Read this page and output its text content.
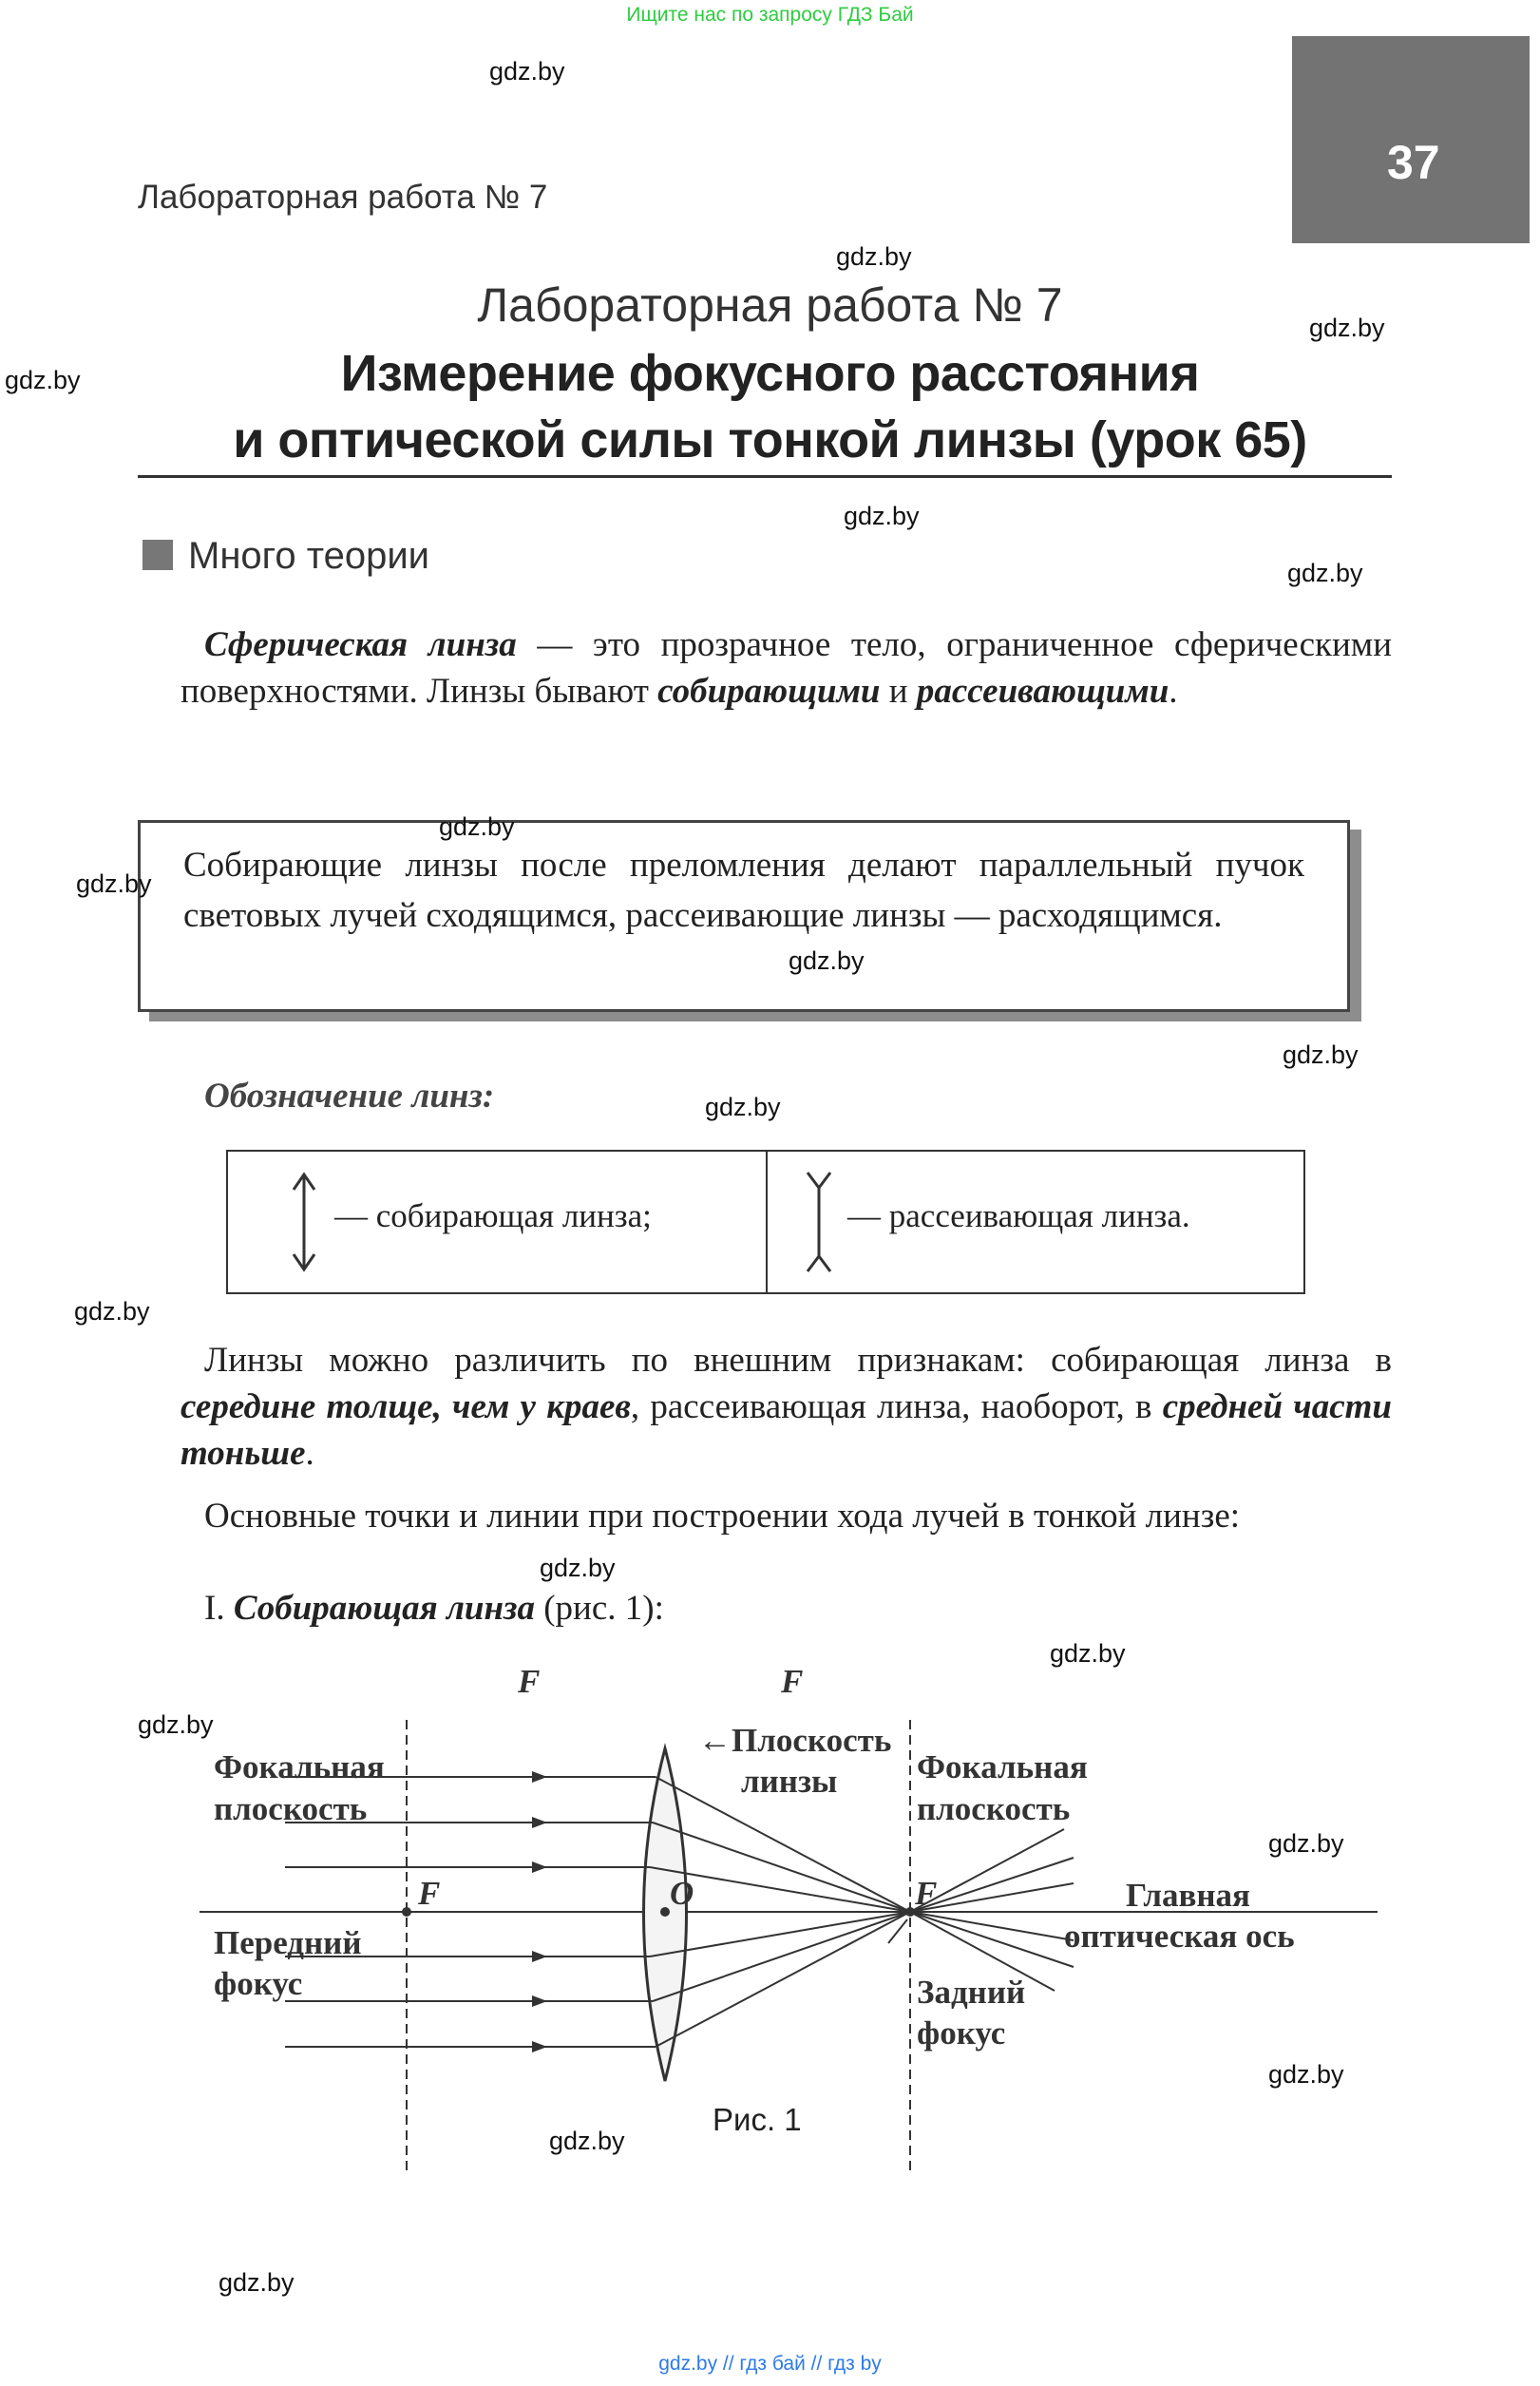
Ищите нас по запросу ГДЗ Бай
37
Лабораторная работа № 7
Лабораторная работа № 7
Измерение фокусного расстояния
и оптической силы тонкой линзы (урок 65)
Много теории
Сферическая линза — это прозрачное тело, ограниченное сферическими поверхностями. Линзы бывают собирающими и рассеивающими.
Собирающие линзы после преломления делают параллельный пучок световых лучей сходящимся, рассеивающие линзы — расходящимся.
Обозначение линз:
— собирающая линза;	— рассеивающая линза.
Линзы можно различить по внешним признакам: собирающая линза в середине толще, чем у краев, рассеивающая линза, наоборот, в средней части тоньше.
Основные точки и линии при построении хода лучей в тонкой линзе:
I. Собирающая линза (рис. 1):
F	F
←Плоскость
линзы
Фокальная
плоскость
Фокальная
плоскость
F	O	F	Главная
оптическая ось
Передний
фокус	Задний
фокус
Рис. 1
gdz.by
gdz.by
gdz.by
gdz.by
gdz.by
gdz.by
gdz.by
gdz.by
gdz.by
gdz.by
gdz.by
gdz.by
gdz.by
gdz.by
gdz.by
gdz.by
gdz.by
gdz.by
gdz.by
gdz.by // гдз бай // гдз by
